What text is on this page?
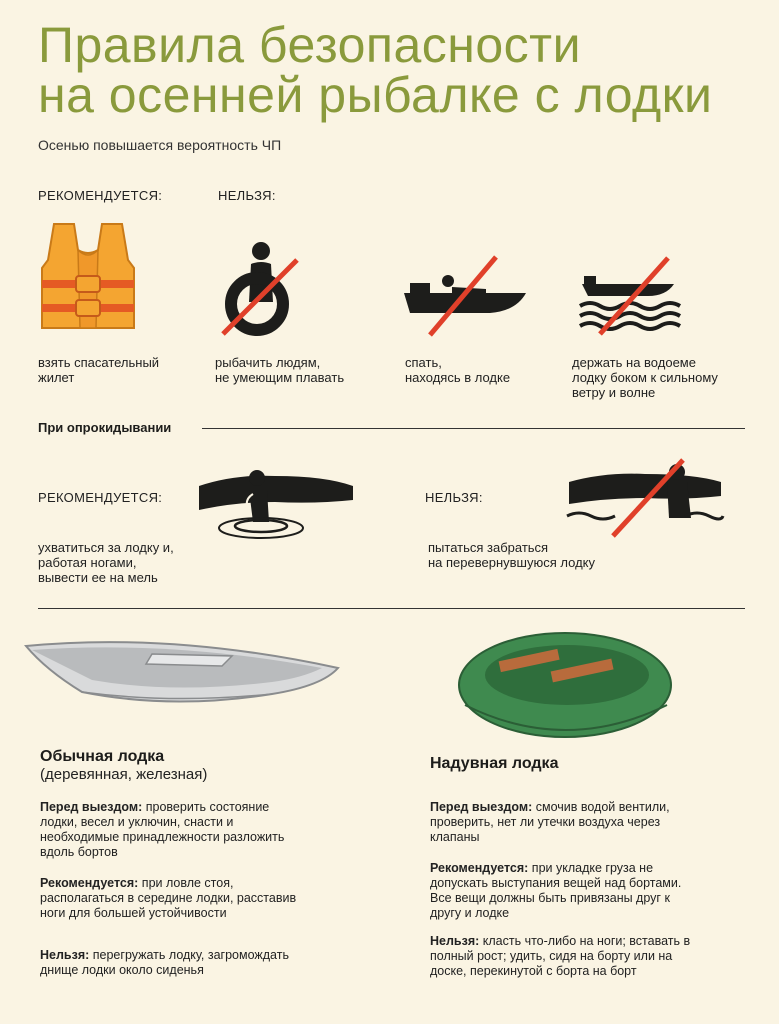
Правила безопасности
на осенней рыбалке с лодки
Осенью повышается вероятность ЧП
РЕКОМЕНДУЕТСЯ:	НЕЛЬЗЯ:
взять спасательный
жилет
рыбачить людям,
не умеющим плавать
спать,
находясь в лодке
держать на водоеме
лодку боком к сильному
ветру и волне
При опрокидывании
РЕКОМЕНДУЕТСЯ:	НЕЛЬЗЯ:
ухватиться за лодку и,
работая ногами,
вывести ее на мель
пытаться забраться
на перевернувшуюся лодку
Обычная лодка
(деревянная, железная)
Перед выездом: проверить состояние лодки, весел и уключин, снасти и необходимые принадлежности разложить вдоль бортов
Рекомендуется: при ловле стоя, располагаться в середине лодки, расставив ноги для большей устойчивости
Нельзя: перегружать лодку, загромождать днище лодки около сиденья
Надувная лодка
Перед выездом: смочив водой вентили, проверить, нет ли утечки воздуха через клапаны
Рекомендуется: при укладке груза не допускать выступания вещей над бортами. Все вещи должны быть привязаны друг к другу и лодке
Нельзя: класть что-либо на ноги; вставать в полный рост; удить, сидя на борту или на доске, перекинутой с борта на борт
